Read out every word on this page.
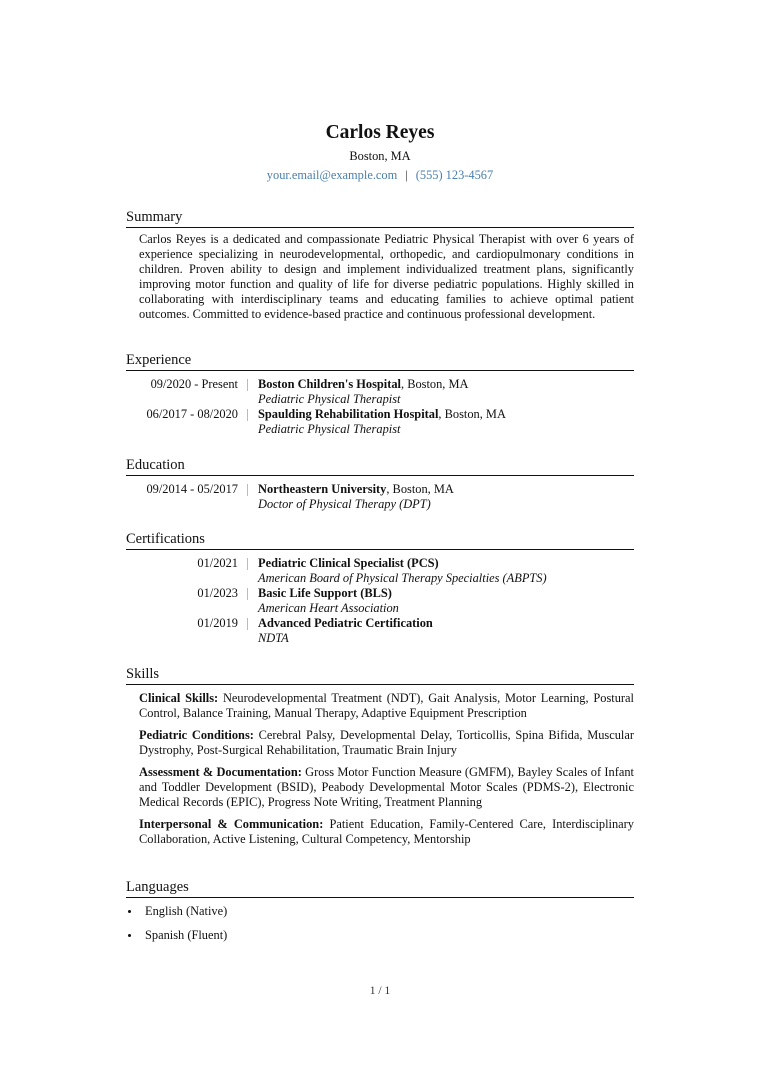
Carlos Reyes
Boston, MA
your.email@example.com | (555) 123-4567
Summary
Carlos Reyes is a dedicated and compassionate Pediatric Physical Therapist with over 6 years of experience specializing in neurodevelopmental, orthopedic, and cardiopulmonary conditions in children. Proven ability to design and implement individualized treatment plans, significantly improving motor function and quality of life for diverse pediatric populations. Highly skilled in collaborating with interdisciplinary teams and educating families to achieve optimal patient outcomes. Committed to evidence-based practice and continuous professional development.
Experience
09/2020 - Present	Boston Children's Hospital, Boston, MA
Pediatric Physical Therapist
06/2017 - 08/2020	Spaulding Rehabilitation Hospital, Boston, MA
Pediatric Physical Therapist
Education
09/2014 - 05/2017	Northeastern University, Boston, MA
Doctor of Physical Therapy (DPT)
Certifications
01/2021	Pediatric Clinical Specialist (PCS)
American Board of Physical Therapy Specialties (ABPTS)
01/2023	Basic Life Support (BLS)
American Heart Association
01/2019	Advanced Pediatric Certification
NDTA
Skills
Clinical Skills: Neurodevelopmental Treatment (NDT), Gait Analysis, Motor Learning, Postural Control, Balance Training, Manual Therapy, Adaptive Equipment Prescription
Pediatric Conditions: Cerebral Palsy, Developmental Delay, Torticollis, Spina Bifida, Muscular Dystrophy, Post-Surgical Rehabilitation, Traumatic Brain Injury
Assessment & Documentation: Gross Motor Function Measure (GMFM), Bayley Scales of Infant and Toddler Development (BSID), Peabody Developmental Motor Scales (PDMS-2), Electronic Medical Records (EPIC), Progress Note Writing, Treatment Planning
Interpersonal & Communication: Patient Education, Family-Centered Care, Interdisciplinary Collaboration, Active Listening, Cultural Competency, Mentorship
Languages
English (Native)
Spanish (Fluent)
1 / 1
